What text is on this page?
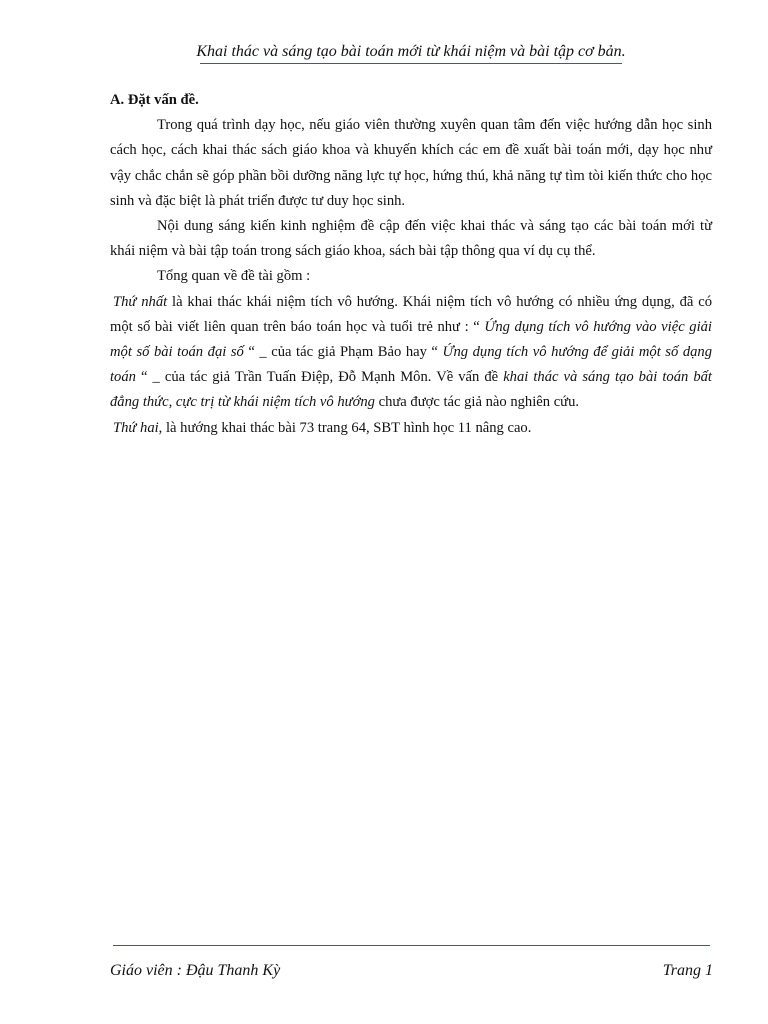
Khai thác và sáng tạo bài toán mới từ khái niệm và bài tập cơ bản.

A. Đặt vấn đề.

Trong quá trình dạy học, nếu giáo viên thường xuyên quan tâm đến việc hướng dẫn học sinh cách học, cách khai thác sách giáo khoa và khuyến khích các em đề xuất bài toán mới, dạy học như vậy chắc chắn sẽ góp phần bồi dưỡng năng lực tự học, hứng thú, khả năng tự tìm tòi kiến thức cho học sinh và đặc biệt là phát triển được tư duy học sinh.

Nội dung sáng kiến kinh nghiệm đề cập đến việc khai thác và sáng tạo các bài toán mới từ khái niệm và bài tập toán trong sách giáo khoa, sách bài tập thông qua ví dụ cụ thể.

Tổng quan về đề tài gồm :

Thứ nhất là khai thác khái niệm tích vô hướng. Khái niệm tích vô hướng có nhiều ứng dụng, đã có một số bài viết liên quan trên báo toán học và tuổi trẻ như : “ Ứng dụng tích vô hướng vào việc giải một số bài toán đại số “ _ của tác giả Phạm Bảo hay “ Ứng dụng tích vô hướng để giải một số dạng toán “ _ của tác giả Trần Tuấn Điệp, Đỗ Mạnh Môn. Về vấn đề khai thác và sáng tạo bài toán bất đẳng thức, cực trị từ khái niệm tích vô hướng chưa được tác giả nào nghiên cứu.

Thứ hai, là hướng khai thác bài 73 trang 64, SBT hình học 11 nâng cao.

Giáo viên : Đậu Thanh Kỳ	Trang 1
